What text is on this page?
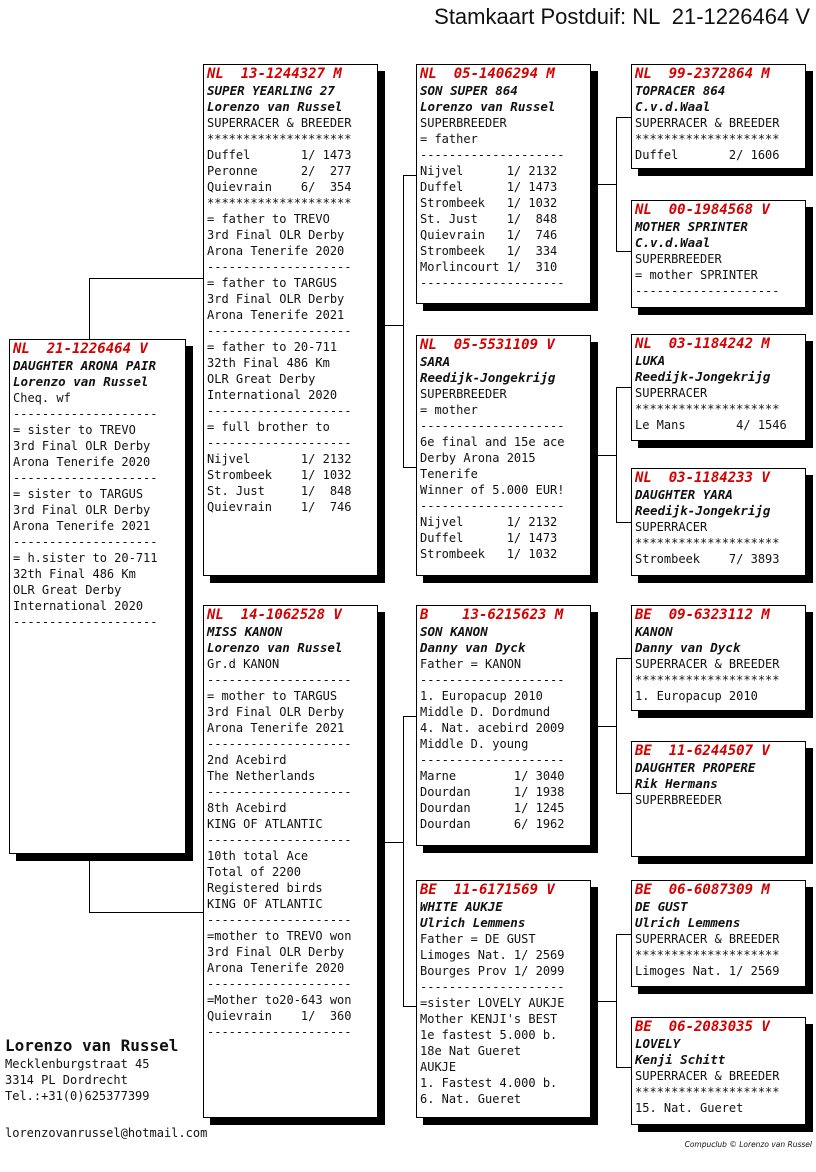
Stamkaart Postduif: NL  21-1226464 V
NL  21-1226464 V
DAUGHTER ARONA PAIR
Lorenzo van Russel
Cheq. wf
--------------------
= sister to TREVO
3rd Final OLR Derby
Arona Tenerife 2020
--------------------
= sister to TARGUS
3rd Final OLR Derby
Arona Tenerife 2021
--------------------
= h.sister to 20-711
32th Final 486 Km
OLR Great Derby
International 2020
--------------------
NL  13-1244327 M
SUPER YEARLING 27
Lorenzo van Russel
SUPERRACER & BREEDER
********************
Duffel       1/ 1473
Peronne      2/  277
Quievrain    6/  354
********************
= father to TREVO
3rd Final OLR Derby
Arona Tenerife 2020
--------------------
= father to TARGUS
3rd Final OLR Derby
Arona Tenerife 2021
--------------------
= father to 20-711
32th Final 486 Km
OLR Great Derby
International 2020
--------------------
= full brother to
--------------------
Nijvel       1/ 2132
Strombeek    1/ 1032
St. Just     1/  848
Quievrain    1/  746
NL  14-1062528 V
MISS KANON
Lorenzo van Russel
Gr.d KANON
--------------------
= mother to TARGUS
3rd Final OLR Derby
Arona Tenerife 2021
--------------------
2nd Acebird
The Netherlands
--------------------
8th Acebird
KING OF ATLANTIC
--------------------
10th total Ace
Total of 2200
Registered birds
KING OF ATLANTIC
--------------------
=mother to TREVO won
3rd Final OLR Derby
Arona Tenerife 2020
--------------------
=Mother to20-643 won
Quievrain    1/  360
--------------------
NL  05-1406294 M
SON SUPER 864
Lorenzo van Russel
SUPERBREEDER
= father
--------------------
Nijvel      1/ 2132
Duffel      1/ 1473
Strombeek   1/ 1032
St. Just    1/  848
Quievrain   1/  746
Strombeek   1/  334
Morlincourt 1/  310
--------------------
NL  05-5531109 V
SARA
Reedijk-Jongekrijg
SUPERBREEDER
= mother
--------------------
6e final and 15e ace
Derby Arona 2015
Tenerife
Winner of 5.000 EUR!
--------------------
Nijvel      1/ 2132
Duffel      1/ 1473
Strombeek   1/ 1032
B    13-6215623 M
SON KANON
Danny van Dyck
Father = KANON
--------------------
1. Europacup 2010
Middle D. Dordmund
4. Nat. acebird 2009
Middle D. young
--------------------
Marne        1/ 3040
Dourdan      1/ 1938
Dourdan      1/ 1245
Dourdan      6/ 1962
BE  11-6171569 V
WHITE AUKJE
Ulrich Lemmens
Father = DE GUST
Limoges Nat. 1/ 2569
Bourges Prov 1/ 2099
--------------------
=sister LOVELY AUKJE
Mother KENJI's BEST
1e fastest 5.000 b.
18e Nat Gueret
AUKJE
1. Fastest 4.000 b.
6. Nat. Gueret
NL  99-2372864 M
TOPRACER 864
C.v.d.Waal
SUPERRACER & BREEDER
********************
Duffel       2/ 1606
NL  00-1984568 V
MOTHER SPRINTER
C.v.d.Waal
SUPERBREEDER
= mother SPRINTER
--------------------
NL  03-1184242 M
LUKA
Reedijk-Jongekrijg
SUPERRACER
********************
Le Mans       4/ 1546
NL  03-1184233 V
DAUGHTER YARA
Reedijk-Jongekrijg
SUPERRACER
********************
Strombeek    7/ 3893
BE  09-6323112 M
KANON
Danny van Dyck
SUPERRACER & BREEDER
********************
1. Europacup 2010
BE  11-6244507 V
DAUGHTER PROPERE
Rik Hermans
SUPERBREEDER
BE  06-6087309 M
DE GUST
Ulrich Lemmens
SUPERRACER & BREEDER
********************
Limoges Nat. 1/ 2569
BE  06-2083035 V
LOVELY
Kenji Schitt
SUPERRACER & BREEDER
********************
15. Nat. Gueret
Lorenzo van Russel
Mecklenburgstraat 45
3314 PL Dordrecht
Tel.:+31(0)625377399
lorenzovanrussel@hotmail.com
Compuclub © Lorenzo van Russel
